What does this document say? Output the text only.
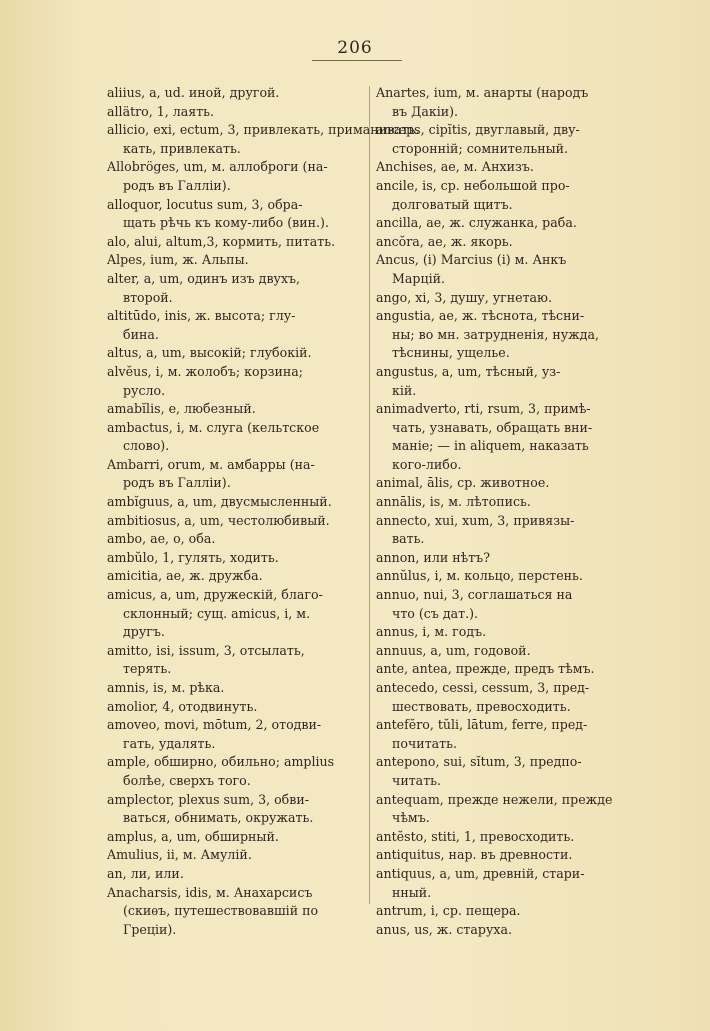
206
aliius, a, ud. иной, другой.
allätro, 1, лаять.
allicio, exi, ectum, 3, привлекать, приманивать.
кать, привлекать.
Allobröges, um, м. аллоброги (на-
родъ въ Галліи).
alloquor, locutus sum, 3, обра-
щать рѣчь къ кому-либо (вин.).
alo, alui, altum,3, кормить, питать.
Alpes, ium, ж. Альпы.
alter, a, um, одинъ изъ двухъ,
второй.
altitūdo, inis, ж. высота; глу-
бина.
altus, a, um, высокій; глубокій.
alvĕus, i, м. жолобъ; корзина;
русло.
amabĭlis, e, любезный.
ambactus, i, м. слуга (кельтское
слово).
Ambarri, orum, м. амбарры (на-
родъ въ Галліи).
ambĭguus, a, um, двусмысленный.
ambitiosus, a, um, честолюбивый.
ambo, ae, o, оба.
ambŭlo, 1, гулять, ходить.
amicitia, ae, ж. дружба.
amicus, a, um, дружескій, благо-
склонный; сущ. amicus, i, м.
другъ.
amitto, isi, issum, 3, отсылать,
терять.
amnis, is, м. рѣка.
amolior, 4, отодвинуть.
amoveo, movi, mōtum, 2, отодви-
гать, удалять.
ample, обширно, обильно; amplius
болѣе, сверхъ того.
amplector, plexus sum, 3, обви-
ваться, обнимать, окружать.
amplus, a, um, обширный.
Amulius, ii, м. Амулій.
an, ли, или.
Anacharsis, idis, м. Анахарсисъ
(скиѳъ, путешествовавшій по
Греціи).
Anartes, ium, м. анарты (народъ
въ Дакіи).
anceps, cipĭtis, двуглавый, дву-
сторонній; сомнительный.
Anchises, ae, м. Анхизъ.
ancile, is, ср. небольшой про-
долговатый щитъ.
ancilla, ae, ж. служанка, раба.
ancŏra, ae, ж. якорь.
Ancus, (i) Marcius (i) м. Анкъ
Марцій.
ango, xi, 3, душу, угнетаю.
angustia, ae, ж. тѣснота, тѣсни-
ны; во мн. затрудненія, нужда,
тѣснины, ущелье.
angustus, a, um, тѣсный, уз-
кій.
animadverto, rti, rsum, 3, примѣ-
чать, узнавать, обращать вни-
маніе; — in aliquem, наказать
кого-либо.
animal, ālis, ср. животное.
annālis, is, м. лѣтопись.
annecto, xui, xum, 3, привязы-
вать.
annon, или нѣтъ?
annŭlus, i, м. кольцо, перстень.
annuo, nui, 3, соглашаться на
что (съ дат.).
annus, i, м. годъ.
annuus, a, um, годовой.
ante, antea, прежде, предъ тѣмъ.
antecedo, cessi, cessum, 3, пред-
шествовать, превосходить.
antefĕro, tŭli, lātum, ferre, пред-
почитать.
antepono, sui, sĭtum, 3, предпо-
читать.
antequam, прежде нежели, прежде
чѣмъ.
antĕsto, stiti, 1, превосходить.
antiquitus, нар. въ древности.
antiquus, a, um, древній, стари-
нный.
antrum, i, ср. пещера.
anus, us, ж. старуха.
